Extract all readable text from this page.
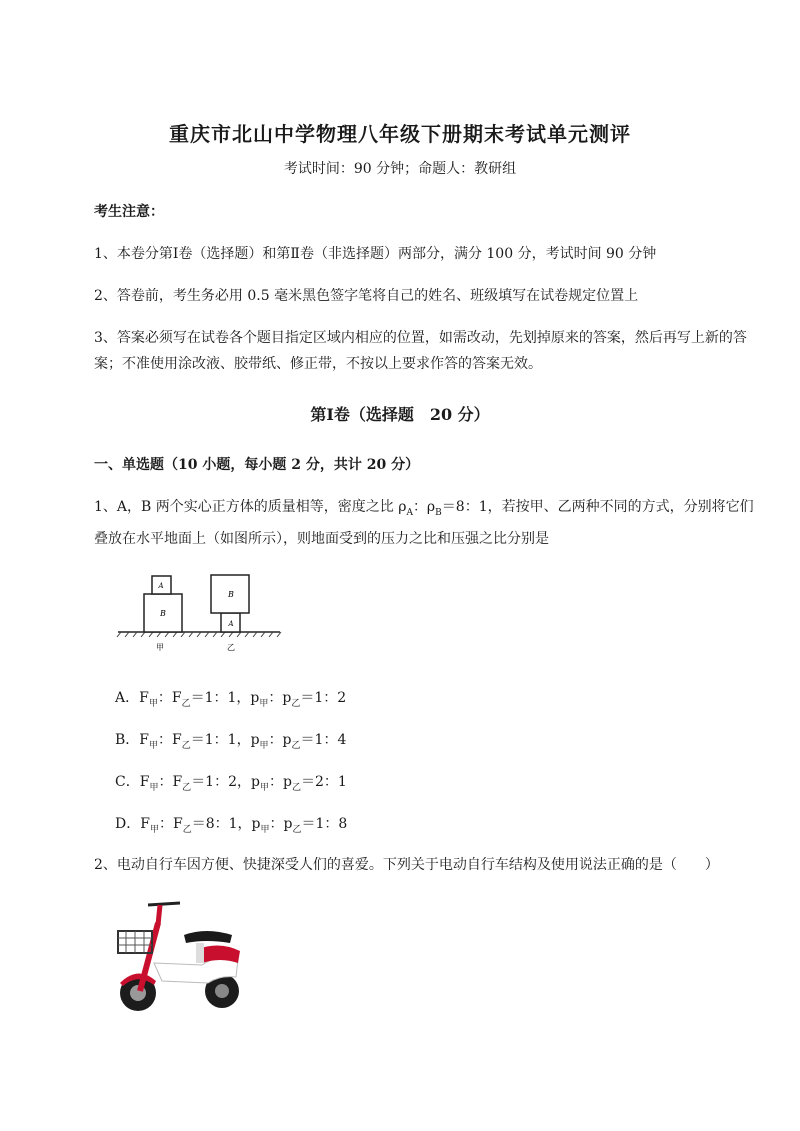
重庆市北山中学物理八年级下册期末考试单元测评
考试时间：90 分钟；命题人：教研组
考生注意：
1、本卷分第Ⅰ卷（选择题）和第Ⅱ卷（非选择题）两部分，满分 100 分，考试时间 90 分钟
2、答卷前，考生务必用 0.5 毫米黑色签字笔将自己的姓名、班级填写在试卷规定位置上
3、答案必须写在试卷各个题目指定区域内相应的位置，如需改动，先划掉原来的答案，然后再写上新的答案；不准使用涂改液、胶带纸、修正带，不按以上要求作答的答案无效。
第Ⅰ卷（选择题　20 分）
一、单选题（10 小题，每小题 2 分，共计 20 分）
1、A，B 两个实心正方体的质量相等，密度之比 $\rho_A$：$\rho_B=8$：1，若按甲、乙两种不同的方式，分别将它们叠放在水平地面上（如图所示），则地面受到的压力之比和压强之比分别是
B
A
A
B
甲	乙
A．$F_甲$：$F_乙=1$：1，$p_甲$：$p_乙=1$：2
B．$F_甲$：$F_乙=1$：1，$p_甲$：$p_乙=1$：4
C．$F_甲$：$F_乙=1$：2，$p_甲$：$p_乙=2$：1
D．$F_甲$：$F_乙=8$：1，$p_甲$：$p_乙=1$：8
2、电动自行车因方便、快捷深受人们的喜爱。下列关于电动自行车结构及使用说法正确的是（　　）
